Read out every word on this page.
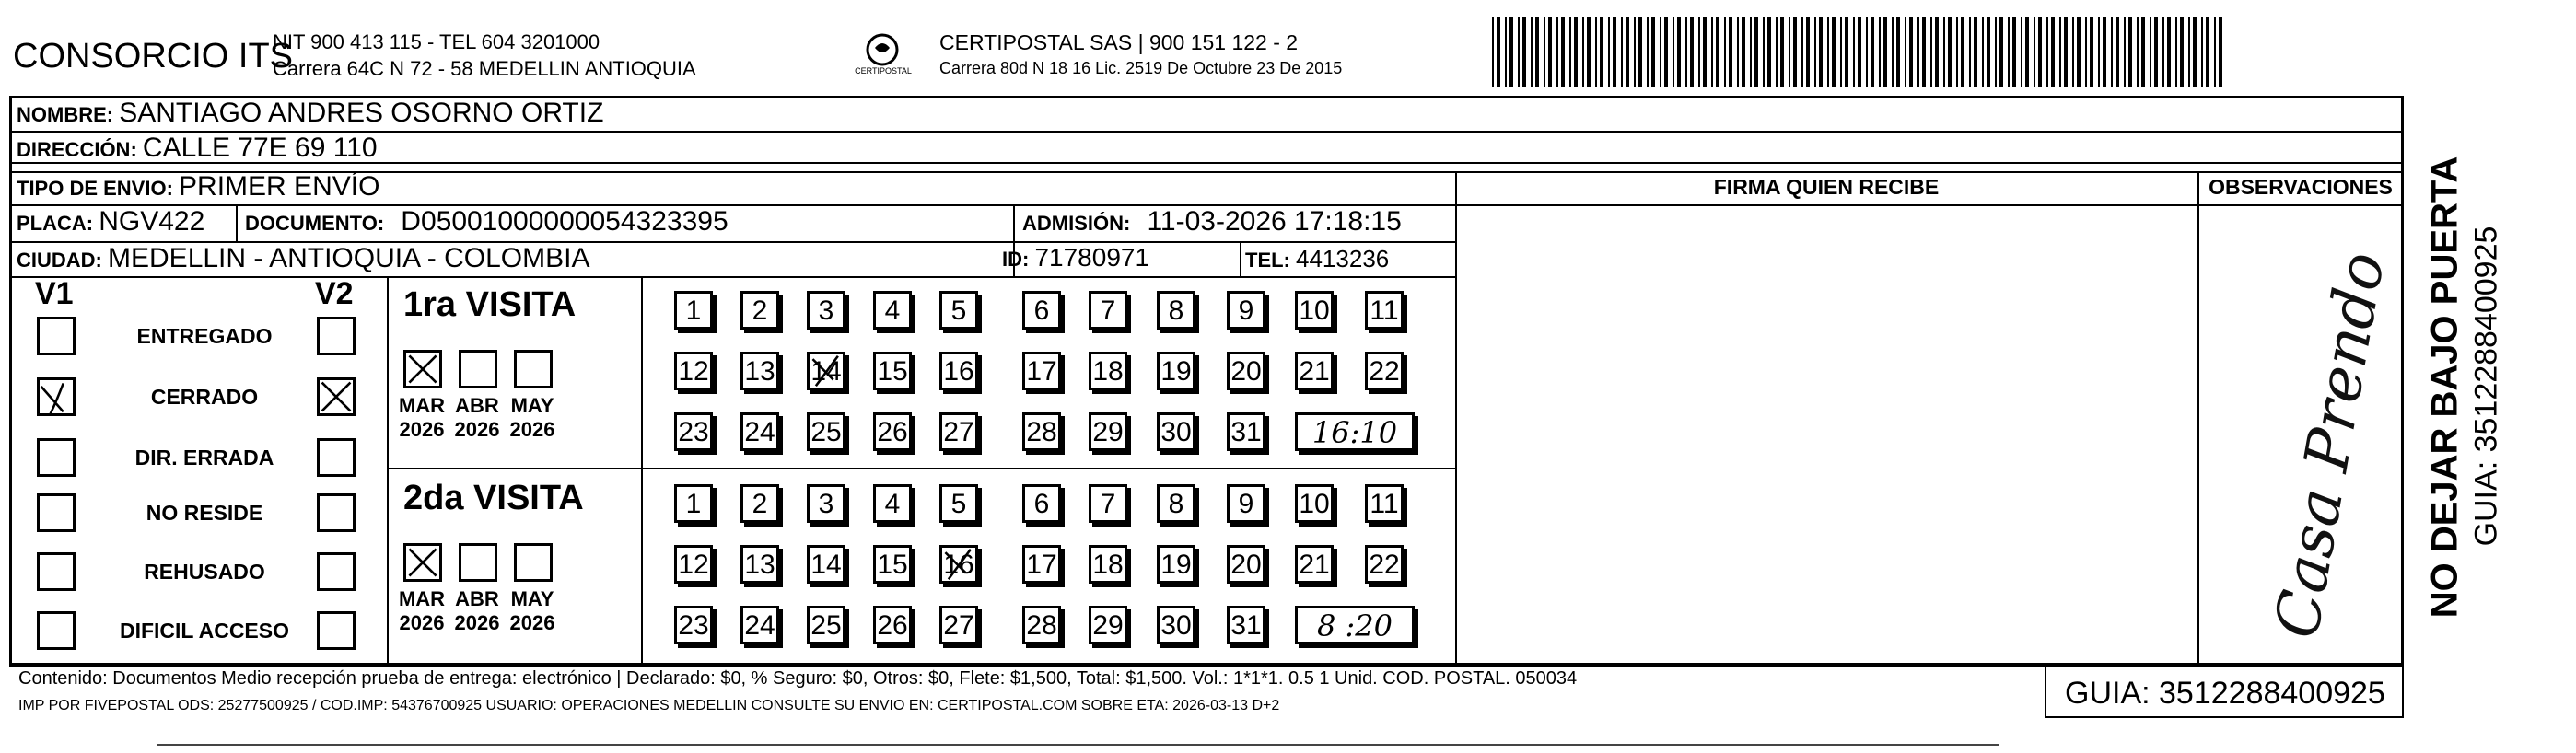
CONSORCIO ITS
NIT 900 413 115 - TEL 604 3201000
Carrera 64C N 72 - 58 MEDELLIN ANTIOQUIA	CERTIPOSTAL
CERTIPOSTAL SAS | 900 151 122 - 2
Carrera 80d N 18 16 Lic. 2519 De Octubre 23 De 2015
NOMBRE: SANTIAGO ANDRES OSORNO ORTIZ
DIRECCIÓN: CALLE 77E 69 110
TIPO DE ENVIO: PRIMER ENVÍO
PLACA: NGV422 DOCUMENTO: D05001000000054323395	ADMISIÓN: 11-03-2026 17:18:15
CIUDAD: MEDELLIN - ANTIOQUIA - COLOMBIA	ID: 71780971	TEL: 4413236
FIRMA QUIEN RECIBE	OBSERVACIONES
Casa Prendo
V1	V2
ENTREGADO
CERRADO
DIR. ERRADA
NO RESIDE
REHUSADO
DIFICIL ACCESO
1ra VISITA
MAR
2026
ABR
2026
MAY
2026
1	2	3	4	5	6	7	8	9	10 11
12 13 14 15 16 17 18 19 20 21 22
23 24 25 26 27 28 29 30 31	16:10
2da VISITA
MAR
2026
ABR
2026
MAY
2026
1	2	3	4	5	6	7	8	9	10 11
12 13 14 15 16 17 18 19 20 21 22
23 24 25 26 27 28 29 30 31	8 :20
NO DEJAR BAJO PUERTA GUIA: 3512288400925
Contenido: Documentos Medio recepción prueba de entrega: electrónico | Declarado: $0, % Seguro: $0, Otros: $0, Flete: $1,500, Total: $1,500. Vol.: 1*1*1. 0.5 1 Unid. COD. POSTAL. 050034
IMP POR FIVEPOSTAL ODS: 25277500925 / COD.IMP: 54376700925 USUARIO: OPERACIONES MEDELLIN CONSULTE SU ENVIO EN: CERTIPOSTAL.COM SOBRE ETA: 2026-03-13 D+2	GUIA: 3512288400925
